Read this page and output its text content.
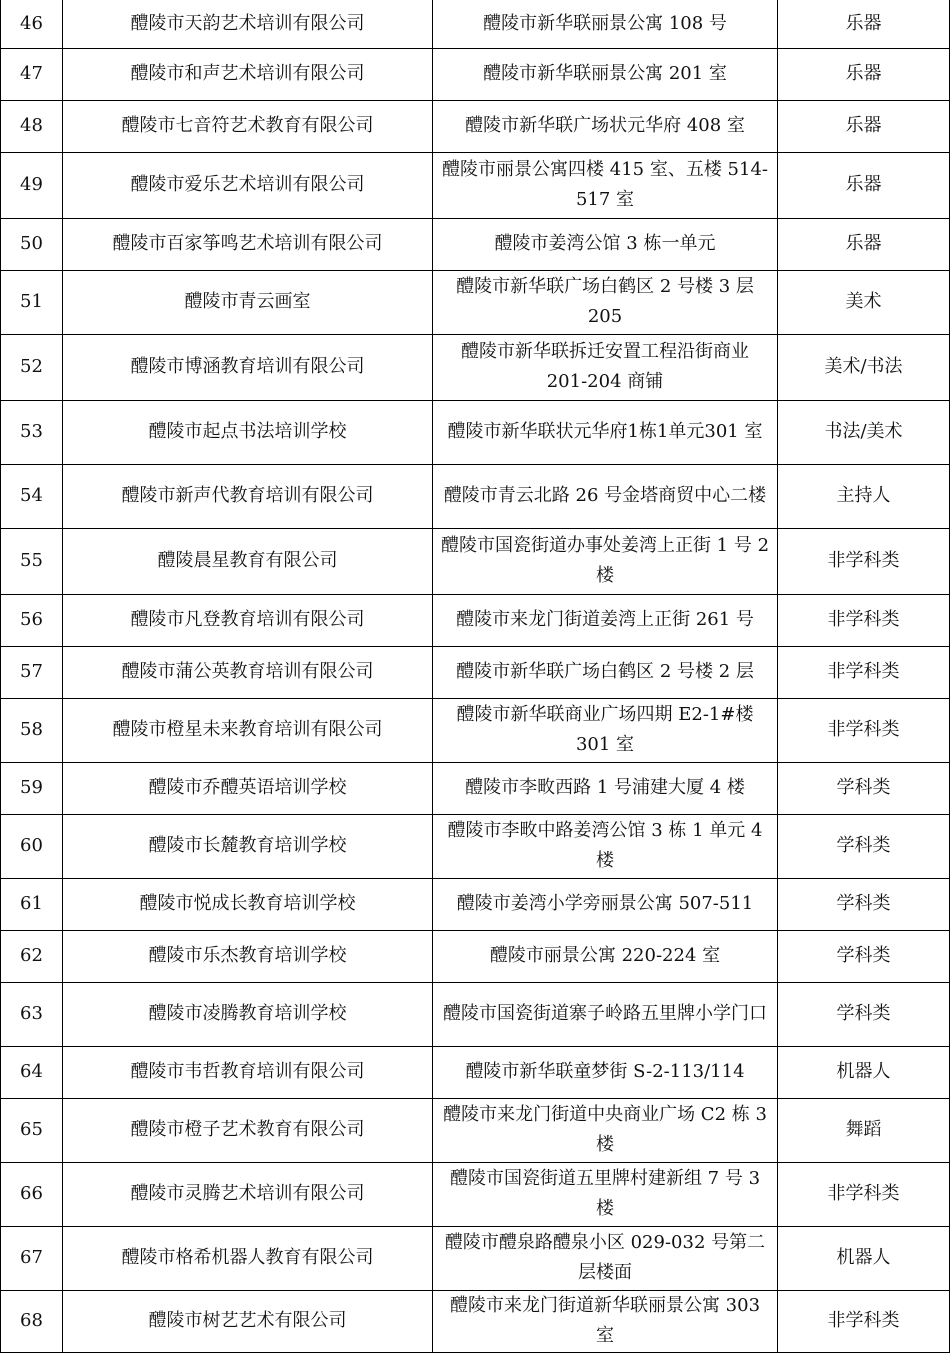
46	醴陵市天韵艺术培训有限公司	醴陵市新华联丽景公寓 108 号	乐器
47	醴陵市和声艺术培训有限公司	醴陵市新华联丽景公寓 201 室	乐器
48	醴陵市七音符艺术教育有限公司	醴陵市新华联广场状元华府 408 室	乐器
49	醴陵市爱乐艺术培训有限公司	醴陵市丽景公寓四楼 415 室、五楼 514-517 室	乐器
50	醴陵市百家筝鸣艺术培训有限公司	醴陵市姜湾公馆 3 栋一单元	乐器
51	醴陵市青云画室	醴陵市新华联广场白鹤区 2 号楼 3 层 205	美术
52	醴陵市博涵教育培训有限公司	醴陵市新华联拆迁安置工程沿街商业 201-204 商铺	美术/书法
53	醴陵市起点书法培训学校	醴陵市新华联状元华府1栋1单元301 室	书法/美术
54	醴陵市新声代教育培训有限公司	醴陵市青云北路 26 号金塔商贸中心二楼	主持人
55	醴陵晨星教育有限公司	醴陵市国瓷街道办事处姜湾上正街 1 号 2 楼	非学科类
56	醴陵市凡登教育培训有限公司	醴陵市来龙门街道姜湾上正街 261 号	非学科类
57	醴陵市蒲公英教育培训有限公司	醴陵市新华联广场白鹤区 2 号楼 2 层	非学科类
58	醴陵市橙星未来教育培训有限公司	醴陵市新华联商业广场四期 E2-1#楼 301 室	非学科类
59	醴陵市乔醴英语培训学校	醴陵市李畋西路 1 号浦建大厦 4 楼	学科类
60	醴陵市长麓教育培训学校	醴陵市李畋中路姜湾公馆 3 栋 1 单元 4 楼	学科类
61	醴陵市悦成长教育培训学校	醴陵市姜湾小学旁丽景公寓 507-511	学科类
62	醴陵市乐杰教育培训学校	醴陵市丽景公寓 220-224 室	学科类
63	醴陵市凌腾教育培训学校	醴陵市国瓷街道寨子岭路五里牌小学门口	学科类
64	醴陵市韦哲教育培训有限公司	醴陵市新华联童梦街 S-2-113/114	机器人
65	醴陵市橙子艺术教育有限公司	醴陵市来龙门街道中央商业广场 C2 栋 3 楼	舞蹈
66	醴陵市灵腾艺术培训有限公司	醴陵市国瓷街道五里牌村建新组 7 号 3 楼	非学科类
67	醴陵市格希机器人教育有限公司	醴陵市醴泉路醴泉小区 029-032 号第二层楼面	机器人
68	醴陵市树艺艺术有限公司	醴陵市来龙门街道新华联丽景公寓 303 室	非学科类
